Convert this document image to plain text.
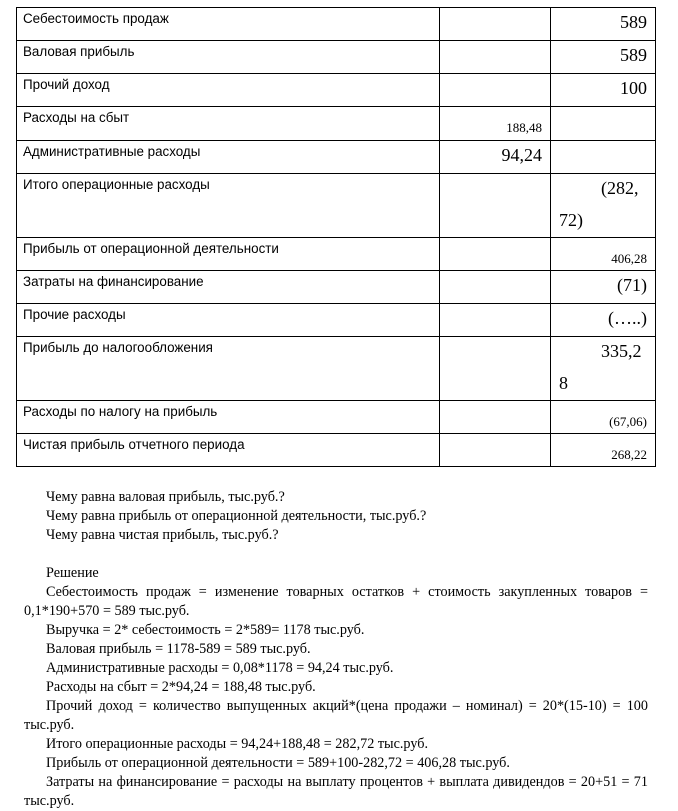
Себестоимость продаж		589

Валовая прибыль		589

Прочий доход		100

Расходы на сбыт	188,48	

Административные расходы	94,24	

Итого операционные расходы		(282,
72)

Прибыль от операционной деятельности		406,28

Затраты на финансирование		(71)

Прочие расходы		(…..)

Прибыль до налогообложения		335,2
8

Расходы по налогу на прибыль		(67,06)

Чистая прибыль отчетного периода		268,22

Чему равна валовая прибыль, тыс.руб.?

Чему равна прибыль от операционной деятельности, тыс.руб.?

Чему равна чистая прибыль, тыс.руб.?

Решение

Себестоимость продаж = изменение товарных остатков + стоимость закупленных товаров = 0,1*190+570 = 589 тыс.руб.

Выручка = 2* себестоимость = 2*589= 1178 тыс.руб.

Валовая прибыль = 1178-589 = 589 тыс.руб.

Административные расходы = 0,08*1178 = 94,24 тыс.руб.

Расходы на сбыт = 2*94,24 = 188,48 тыс.руб.

Прочий доход = количество выпущенных акций*(цена продажи – номинал) = 20*(15-10) = 100 тыс.руб.

Итого операционные расходы = 94,24+188,48 = 282,72 тыс.руб.

Прибыль от операционной деятельности = 589+100-282,72 = 406,28 тыс.руб.

Затраты на финансирование = расходы на выплату процентов + выплата дивидендов = 20+51 = 71 тыс.руб.
